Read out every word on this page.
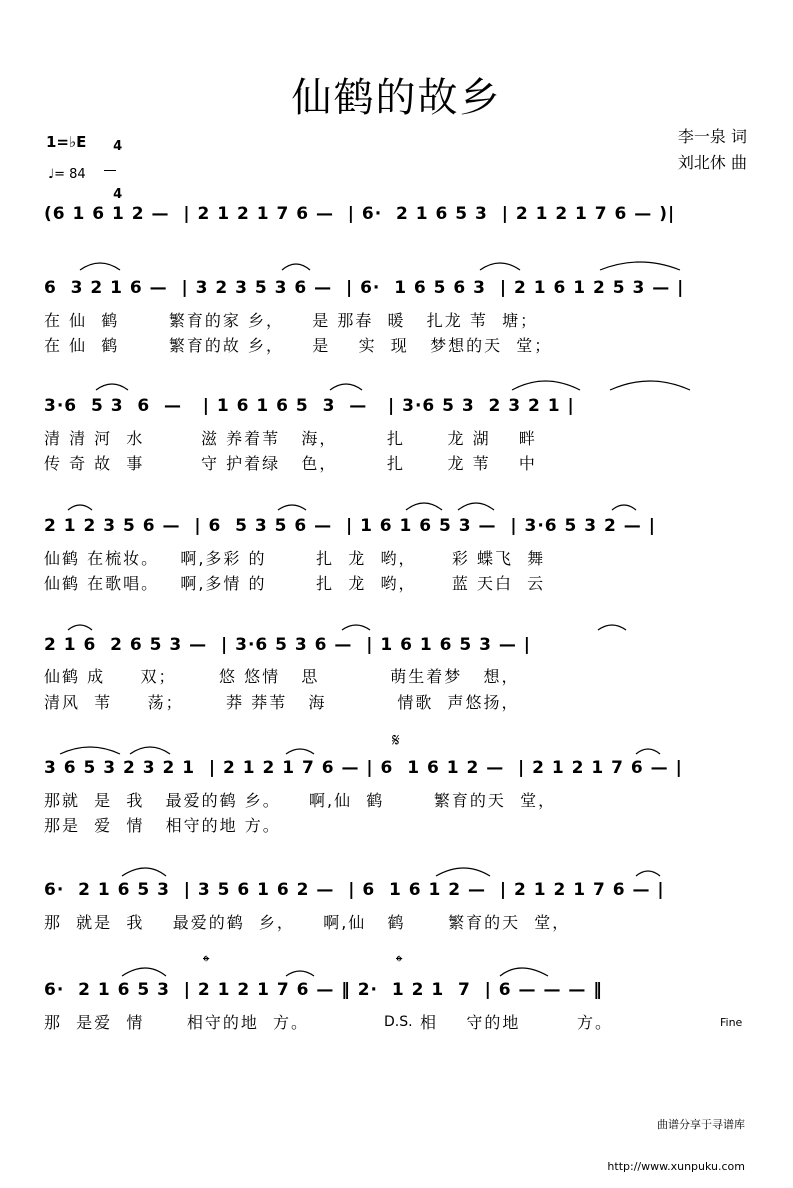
仙鹤的故乡
1=♭E	4

4

♩= 84
李一泉 词
刘北休 曲
(6 1 6 1 2 —  | 2 1 2 1 7 6 —  | 6·  2 1 6 5 3  | 2 1 2 1 7 6 — )|
6  3 2 1 6 —  | 3 2 3 5 3 6 —  | 6·  1 6 5 6 3  | 2 1 6 1 2 5 3 — |
在 仙  鹤       繁育的家 乡，    是 那春  暖   扎龙 苇  塘；
在 仙  鹤       繁育的故 乡，    是    实  现   梦想的天  堂；
3·6  5 3  6  —   | 1 6 1 6 5  3  —   | 3·6 5 3  2 3 2 1 |
清 清 河  水        滋 养着苇   海，       扎      龙 湖    畔
传 奇 故  事        守 护着绿   色，       扎      龙 苇    中
2 1 2 3 5 6 —  | 6  5 3 5 6 —  | 1 6 1 6 5 3 —  | 3·6 5 3 2 — |
仙鹤 在梳妆。   啊,多彩 的       扎  龙  哟，     彩 蝶飞  舞
仙鹤 在歌唱。   啊,多情 的       扎  龙  哟，     蓝 天白  云
2 1 6  2 6 5 3 —  | 3·6 5 3 6 —  | 1 6 1 6 5 3 — |
仙鹤 成     双；      悠 悠情   思          萌生着梦   想，
清风  苇     荡；      莽 莽苇   海          情歌  声悠扬，
𝄋
3 6 5 3 2 3 2 1  | 2 1 2 1 7 6 — | 6  1 6 1 2 —  | 2 1 2 1 7 6 — |
那就  是  我   最爱的鹤 乡。    啊,仙  鹤       繁育的天  堂，
那是  爱  情   相守的地 方。
6·  2 1 6 5 3  | 3 5 6 1 6 2 —  | 6  1 6 1 2 —  | 2 1 2 1 7 6 — |
那  就是  我    最爱的鹤  乡，    啊,仙   鹤      繁育的天  堂，
𝄌	𝄌
6·  2 1 6 5 3  | 2 1 2 1 7 6 — ‖ 2·  1 2 1  7  | 6 — — — ‖
那  是爱  情      相守的地  方。	D.S. 相    守的地        方。	Fine

曲谱分享于寻谱库

http://www.xunpuku.com
